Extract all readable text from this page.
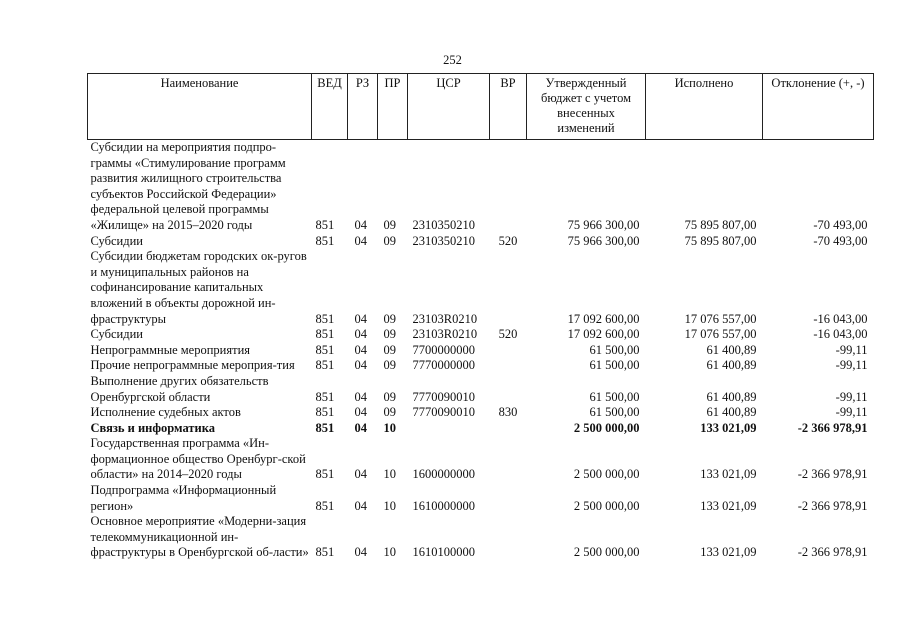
252
Наименование	ВЕД	РЗ	ПР	ЦСР	ВР	Утвержденный бюджет с учетом внесенных изменений	Исполнено	Отклонение (+, -)
Субсидии на мероприятия подпро-граммы «Стимулирование программ развития жилищного строительства субъектов Российской Федерации» федеральной целевой программы «Жилище» на 2015–2020 годы	851	04	09	2310350210		75 966 300,00	75 895 807,00	-70 493,00
Субсидии	851	04	09	2310350210	520	75 966 300,00	75 895 807,00	-70 493,00
Субсидии бюджетам городских ок-ругов и муниципальных районов на софинансирование капитальных вложений в объекты дорожной ин-фраструктуры	851	04	09	23103R0210		17 092 600,00	17 076 557,00	-16 043,00
Субсидии	851	04	09	23103R0210	520	17 092 600,00	17 076 557,00	-16 043,00
Непрограммные мероприятия	851	04	09	7700000000		61 500,00	61 400,89	-99,11
Прочие непрограммные мероприя-тия	851	04	09	7770000000		61 500,00	61 400,89	-99,11
Выполнение других обязательств Оренбургской области	851	04	09	7770090010		61 500,00	61 400,89	-99,11
Исполнение судебных актов	851	04	09	7770090010	830	61 500,00	61 400,89	-99,11
Связь и информатика	851	04	10			2 500 000,00	133 021,09	-2 366 978,91
Государственная программа «Ин-формационное общество Оренбург-ской области» на 2014–2020 годы	851	04	10	1600000000		2 500 000,00	133 021,09	-2 366 978,91
Подпрограмма «Информационный регион»	851	04	10	1610000000		2 500 000,00	133 021,09	-2 366 978,91
Основное мероприятие «Модерни-зация телекоммуникационной ин-фраструктуры в Оренбургской об-ласти»	851	04	10	1610100000		2 500 000,00	133 021,09	-2 366 978,91
